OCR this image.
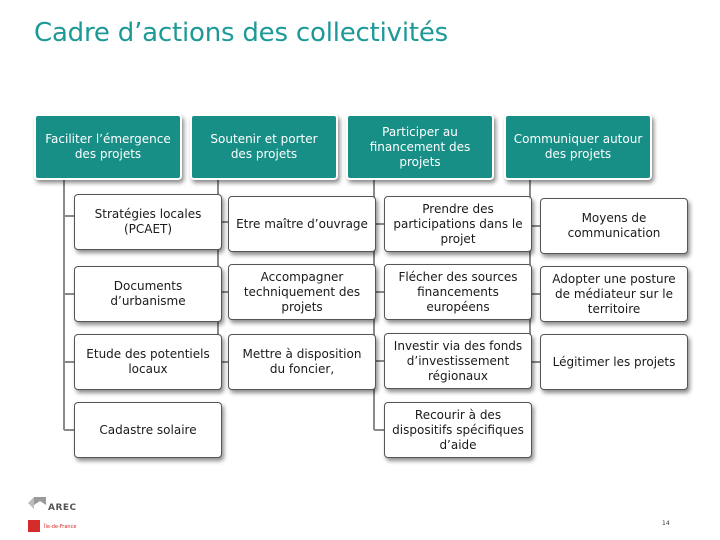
Cadre d’actions des collectivités
Faciliter l’émergence des projets
Stratégies locales (PCAET)
Documents d’urbanisme
Etude des potentiels locaux
Cadastre solaire
Soutenir et porter des projets
Etre maître d’ouvrage
Accompagner techniquement des projets
Mettre à disposition du foncier,
Participer au financement des projets
Prendre des participations dans le projet
Flécher des sources financements européens
Investir via des fonds d’investissement régionaux
Recourir à des dispositifs spécifiques d’aide
Communiquer autour des projets
Moyens de communication
Adopter une posture de médiateur sur le territoire
Légitimer les projets
AREC
Île-de-France	14
